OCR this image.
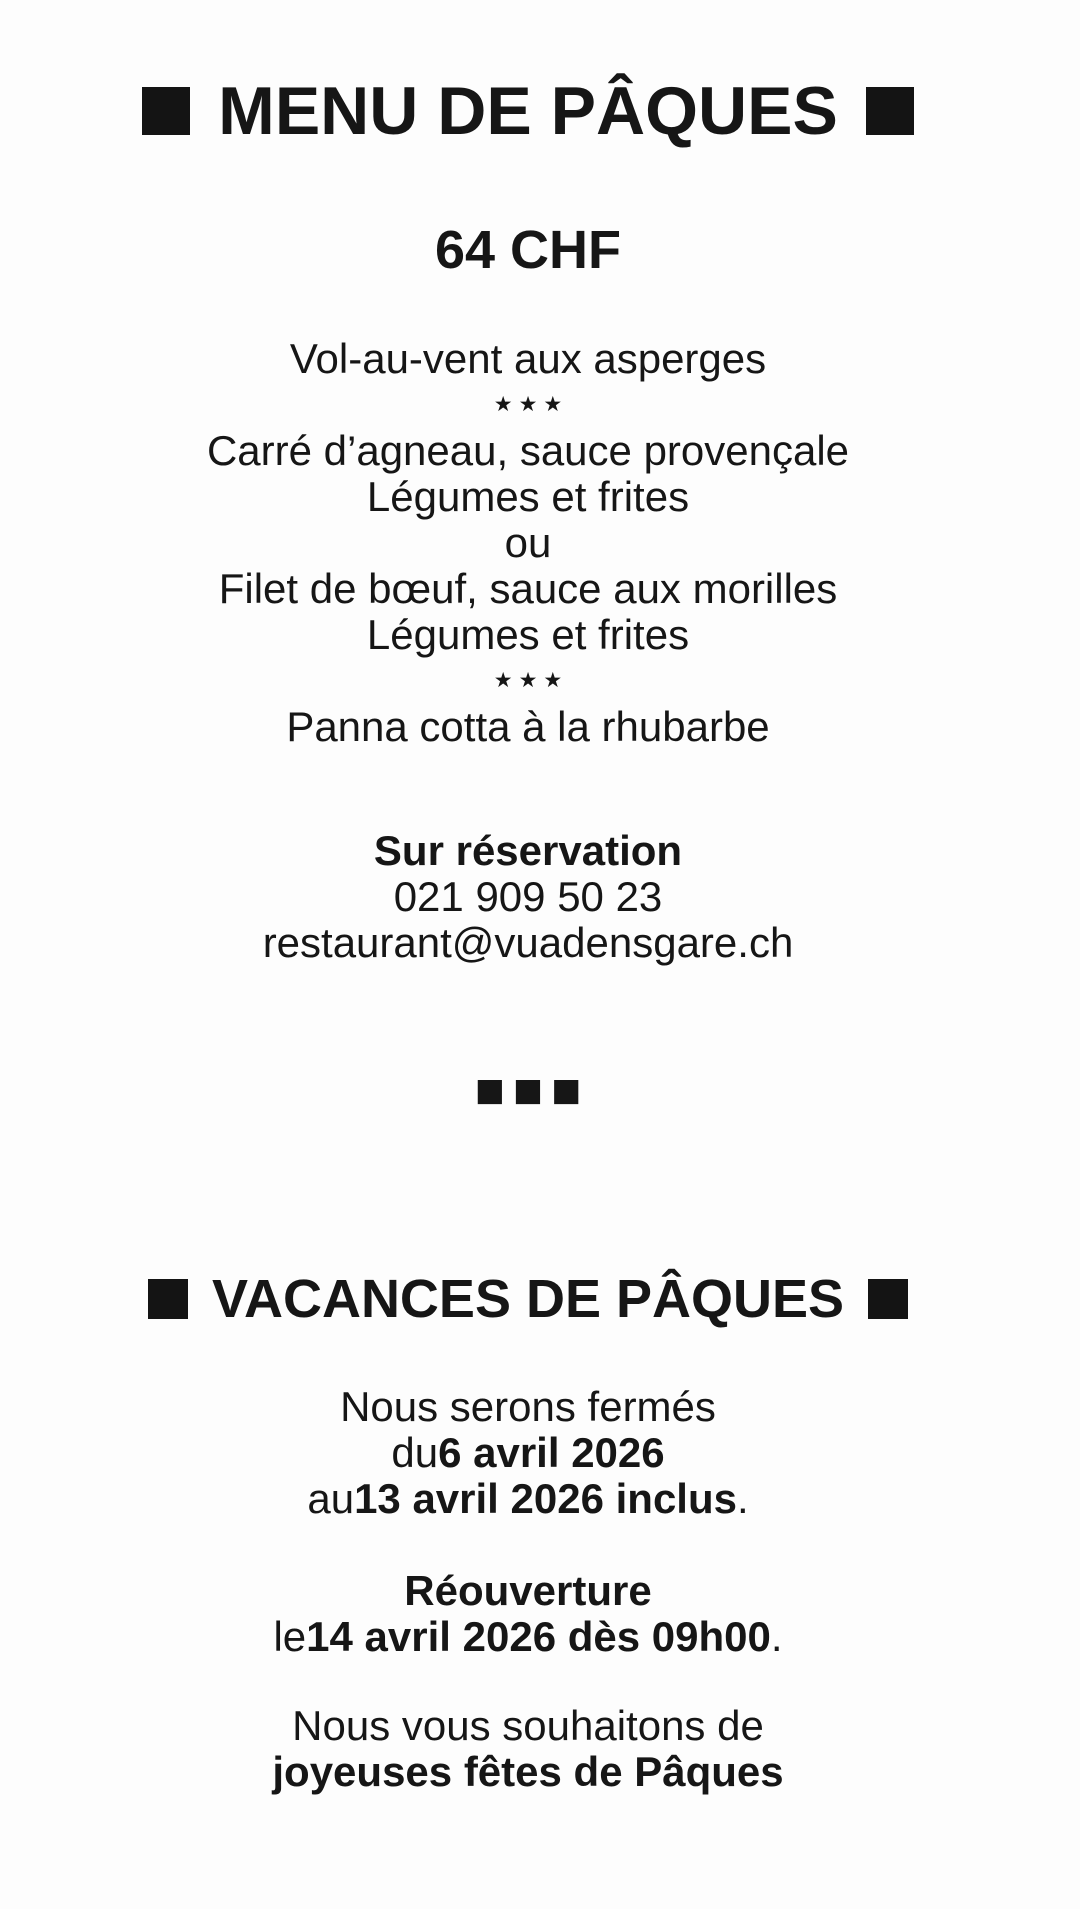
MENU DE PÂQUES
64 CHF
Vol-au-vent aux asperges
★★★
Carré d’agneau, sauce provençale
Légumes et frites
ou
Filet de bœuf, sauce aux morilles
Légumes et frites
★★★
Panna cotta à la rhubarbe
Sur réservation
021 909 50 23
restaurant@vuadensgare.ch
■■■
VACANCES DE PÂQUES
Nous serons fermés
du 6 avril 2026
au 13 avril 2026 inclus .
Réouverture
le 14 avril 2026 dès 09h00 .
Nous vous souhaitons de
joyeuses fêtes de Pâques
